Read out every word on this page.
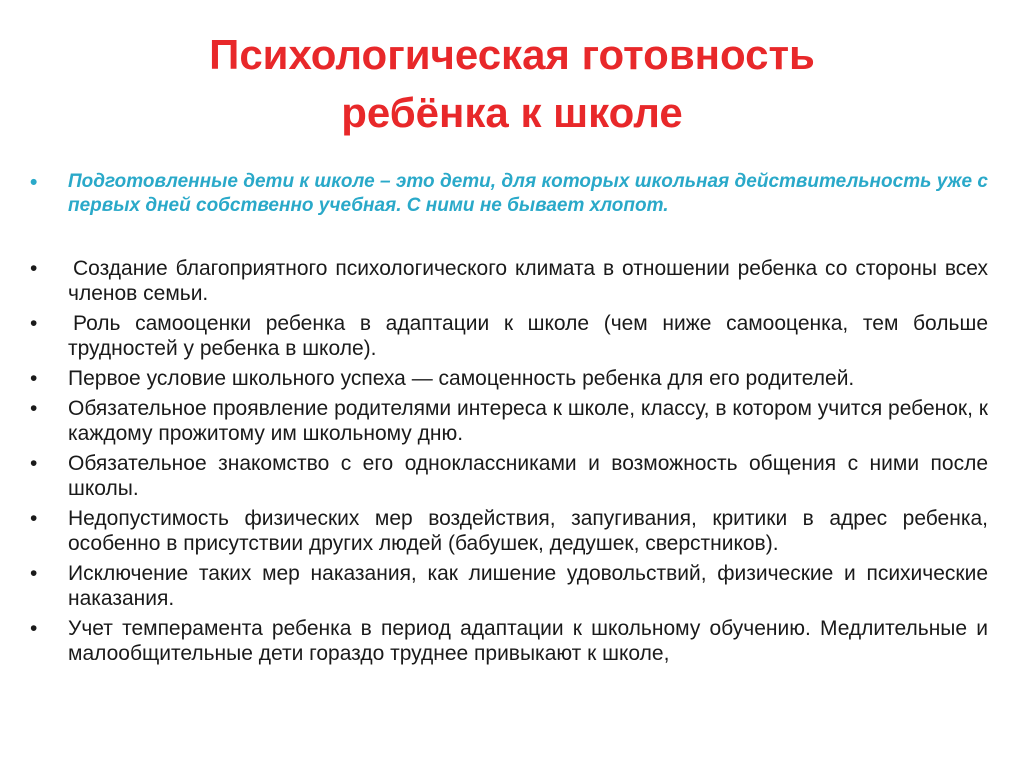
Психологическая готовность
ребёнка к школе
• Подготовленные дети к школе – это дети, для которых школьная действительность уже с первых дней собственно учебная. С ними не бывает хлопот.
• Создание благоприятного психологического климата в отношении ребенка со стороны всех членов семьи.
• Роль самооценки ребенка в адаптации к школе (чем ниже самооценка, тем больше трудностей у ребенка в школе).
• Первое условие школьного успеха — самоценность ребенка для его родителей.
• Обязательное проявление родителями интереса к школе, классу, в котором учится ребенок, к каждому прожитому им школьному дню.
• Обязательное знакомство с его одноклассниками и возможность общения с ними после школы.
• Недопустимость физических мер воздействия, запугивания, критики в адрес ребенка, особенно в присутствии других людей (бабушек, дедушек, сверстников).
• Исключение таких мер наказания, как лишение удовольствий, физические и психические наказания.
• Учет темперамента ребенка в период адаптации к школьному обучению. Медлительные и малообщительные дети гораздо труднее привыкают к школе,
